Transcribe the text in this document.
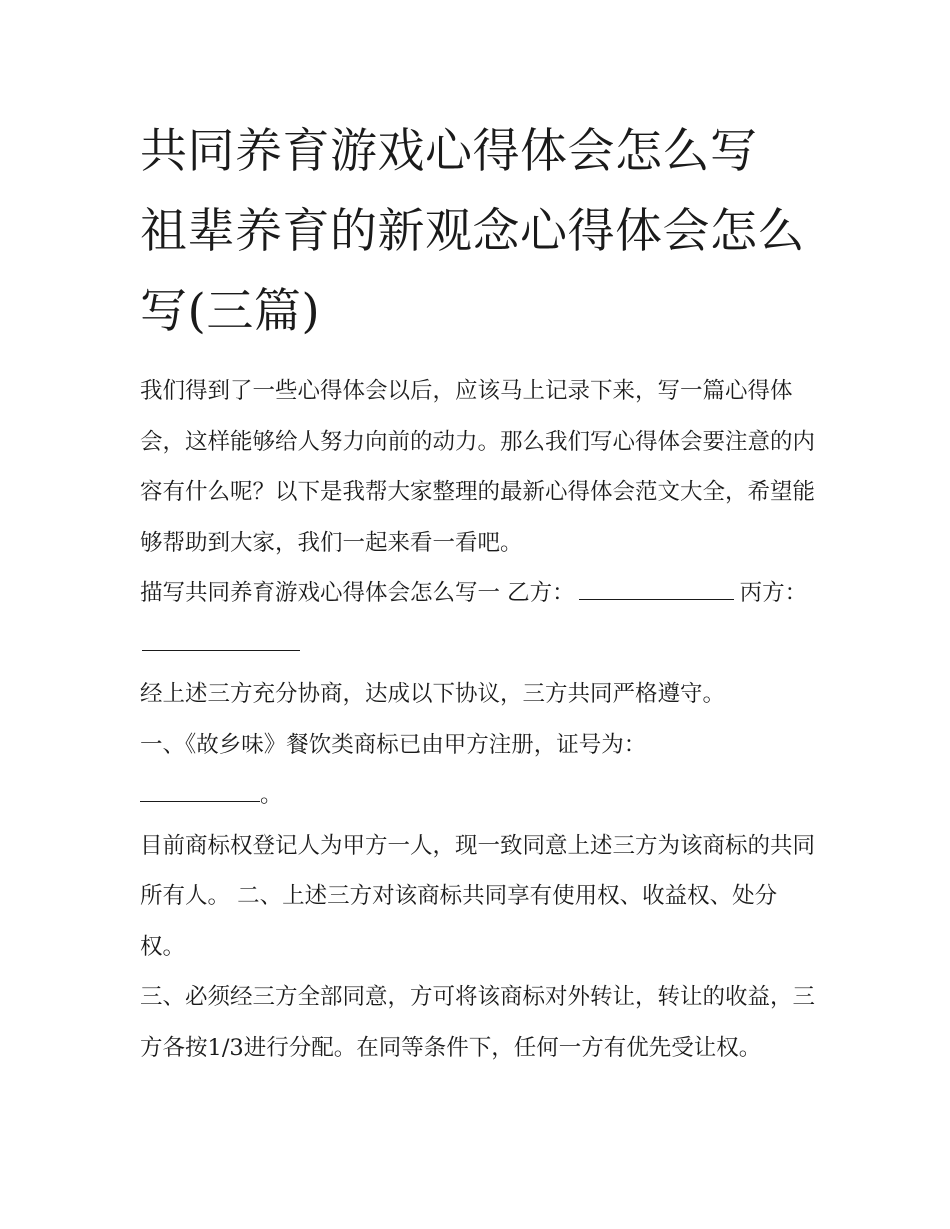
共同养育游戏心得体会怎么写 祖辈养育的新观念心得体会怎么写(三篇)

我们得到了一些心得体会以后，应该马上记录下来，写一篇心得体会，这样能够给人努力向前的动力。那么我们写心得体会要注意的内容有什么呢？以下是我帮大家整理的最新心得体会范文大全，希望能够帮助到大家，我们一起来看一看吧。

描写共同养育游戏心得体会怎么写一 乙方：	丙方：

经上述三方充分协商，达成以下协议，三方共同严格遵守。

一、《故乡味》餐饮类商标已由甲方注册，证号为：
。

目前商标权登记人为甲方一人，现一致同意上述三方为该商标的共同所有人。 二、上述三方对该商标共同享有使用权、收益权、处分权。

三、必须经三方全部同意，方可将该商标对外转让，转让的收益，三方各按1/3进行分配。在同等条件下，任何一方有优先受让权。
